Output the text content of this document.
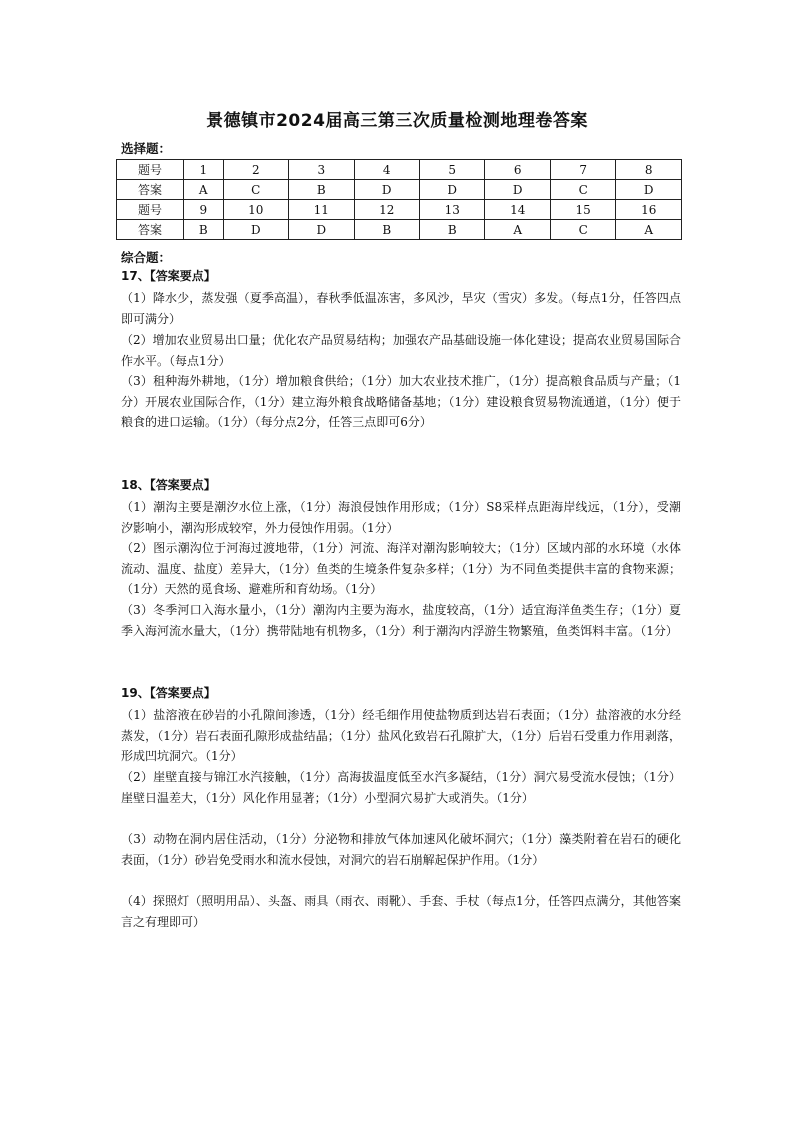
景德镇市2024届高三第三次质量检测地理卷答案
选择题：
题号	1	2	3	4	5	6	7	8
答案	A	C	B	D	D	D	C	D
题号	9	10	11	12	13	14	15	16
答案	B	D	D	B	B	A	C	A
综合题：
17、【答案要点】
（1）降水少，蒸发强（夏季高温），春秋季低温冻害，多风沙，旱灾（雪灾）多发。（每点1分，任答四点即可满分）
（2）增加农业贸易出口量；优化农产品贸易结构；加强农产品基础设施一体化建设；提高农业贸易国际合作水平。（每点1分）
（3）租种海外耕地，（1分）增加粮食供给；（1分）加大农业技术推广，（1分）提高粮食品质与产量；（1分）开展农业国际合作，（1分）建立海外粮食战略储备基地；（1分）建设粮食贸易物流通道，（1分）便于粮食的进口运输。（1分）（每分点2分，任答三点即可6分）
18、【答案要点】
（1）潮沟主要是潮汐水位上涨，（1分）海浪侵蚀作用形成；（1分）S8采样点距海岸线远，（1分），受潮汐影响小，潮沟形成较窄，外力侵蚀作用弱。（1分）
（2）图示潮沟位于河海过渡地带，（1分）河流、海洋对潮沟影响较大；（1分）区域内部的水环境（水体流动、温度、盐度）差异大，（1分）鱼类的生境条件复杂多样；（1分）为不同鱼类提供丰富的食物来源；（1分）天然的觅食场、避难所和育幼场。（1分）
（3）冬季河口入海水量小，（1分）潮沟内主要为海水，盐度较高，（1分）适宜海洋鱼类生存；（1分）夏季入海河流水量大，（1分）携带陆地有机物多，（1分）利于潮沟内浮游生物繁殖，鱼类饵料丰富。（1分）
19、【答案要点】
（1）盐溶液在砂岩的小孔隙间渗透，（1分）经毛细作用使盐物质到达岩石表面；（1分）盐溶液的水分经蒸发，（1分）岩石表面孔隙形成盐结晶；（1分）盐风化致岩石孔隙扩大，（1分）后岩石受重力作用剥落，形成凹坑洞穴。（1分）
（2）崖壁直接与锦江水汽接触，（1分）高海拔温度低至水汽多凝结，（1分）洞穴易受流水侵蚀；（1分）崖壁日温差大，（1分）风化作用显著；（1分）小型洞穴易扩大或消失。（1分）
（3）动物在洞内居住活动，（1分）分泌物和排放气体加速风化破坏洞穴；（1分）藻类附着在岩石的硬化表面，（1分）砂岩免受雨水和流水侵蚀，对洞穴的岩石崩解起保护作用。（1分）
（4）探照灯（照明用品）、头盔、雨具（雨衣、雨靴）、手套、手杖（每点1分，任答四点满分，其他答案言之有理即可）
